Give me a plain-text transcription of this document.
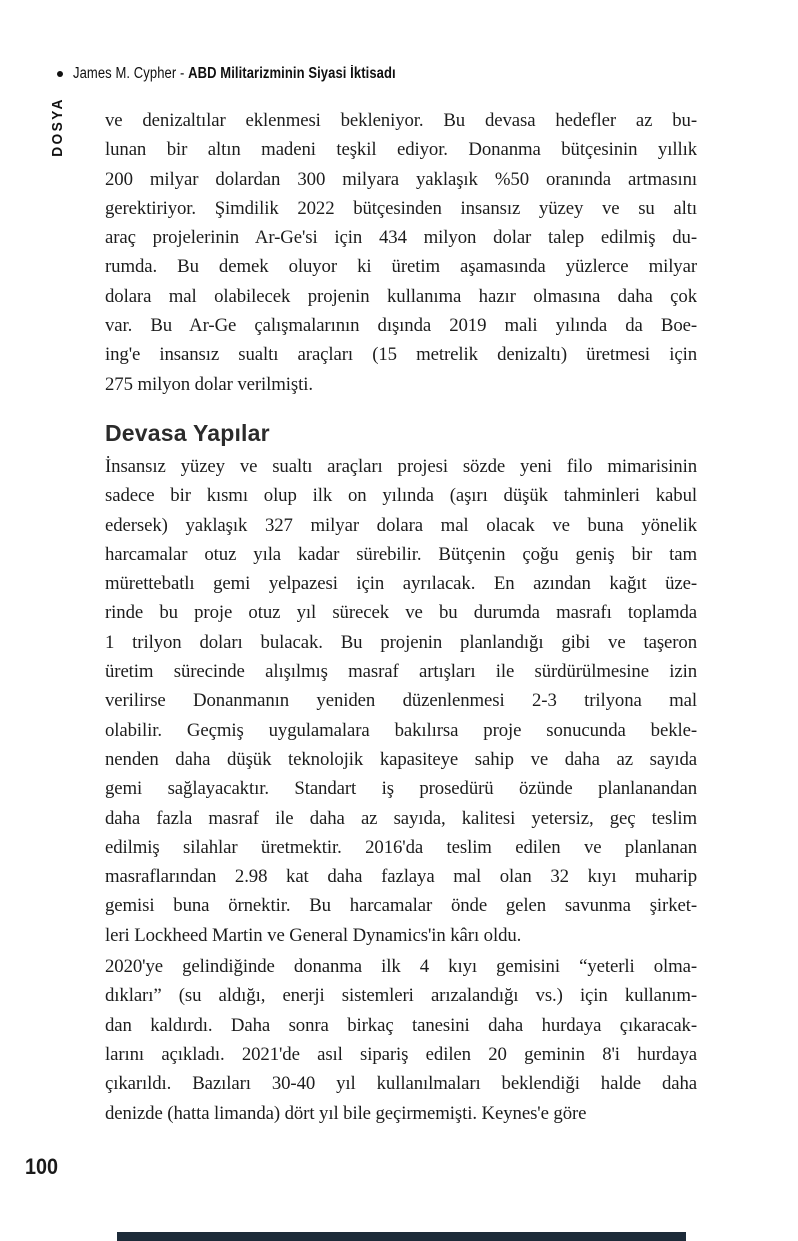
James M. Cypher - ABD Militarizminin Siyasi İktisadı
DOSYA ve denizaltılar eklenmesi bekleniyor. Bu devasa hedefler az bu-
lunan bir altın madeni teşkil ediyor. Donanma bütçesinin yıllık
200 milyar dolardan 300 milyara yaklaşık %50 oranında artmasını
gerektiriyor. Şimdilik 2022 bütçesinden insansız yüzey ve su altı
araç projelerinin Ar-Ge'si için 434 milyon dolar talep edilmiş du-
rumda. Bu demek oluyor ki üretim aşamasında yüzlerce milyar
dolara mal olabilecek projenin kullanıma hazır olmasına daha çok
var. Bu Ar-Ge çalışmalarının dışında 2019 mali yılında da Boe-
ing'e insansız sualtı araçları (15 metrelik denizaltı) üretmesi için
275 milyon dolar verilmişti.
Devasa Yapılar
İnsansız yüzey ve sualtı araçları projesi sözde yeni filo mimarisinin
sadece bir kısmı olup ilk on yılında (aşırı düşük tahminleri kabul
edersek) yaklaşık 327 milyar dolara mal olacak ve buna yönelik
harcamalar otuz yıla kadar sürebilir. Bütçenin çoğu geniş bir tam
mürettebatlı gemi yelpazesi için ayrılacak. En azından kağıt üze-
rinde bu proje otuz yıl sürecek ve bu durumda masrafı toplamda
1 trilyon doları bulacak. Bu projenin planlandığı gibi ve taşeron
üretim sürecinde alışılmış masraf artışları ile sürdürülmesine izin
verilirse Donanmanın yeniden düzenlenmesi 2-3 trilyona mal
olabilir. Geçmiş uygulamalara bakılırsa proje sonucunda bekle-
nenden daha düşük teknolojik kapasiteye sahip ve daha az sayıda
gemi sağlayacaktır. Standart iş prosedürü özünde planlanandan
daha fazla masraf ile daha az sayıda, kalitesi yetersiz, geç teslim
edilmiş silahlar üretmektir. 2016'da teslim edilen ve planlanan
masraflarından 2.98 kat daha fazlaya mal olan 32 kıyı muharip
gemisi buna örnektir. Bu harcamalar önde gelen savunma şirket-
leri Lockheed Martin ve General Dynamics'in kârı oldu.
2020'ye gelindiğinde donanma ilk 4 kıyı gemisini “yeterli olma-
dıkları” (su aldığı, enerji sistemleri arızalandığı vs.) için kullanım-
dan kaldırdı. Daha sonra birkaç tanesini daha hurdaya çıkaracak-
larını açıkladı. 2021'de asıl sipariş edilen 20 geminin 8'i hurdaya
çıkarıldı. Bazıları 30-40 yıl kullanılmaları beklendiği halde daha
denizde (hatta limanda) dört yıl bile geçirmemişti. Keynes'e göre
100
